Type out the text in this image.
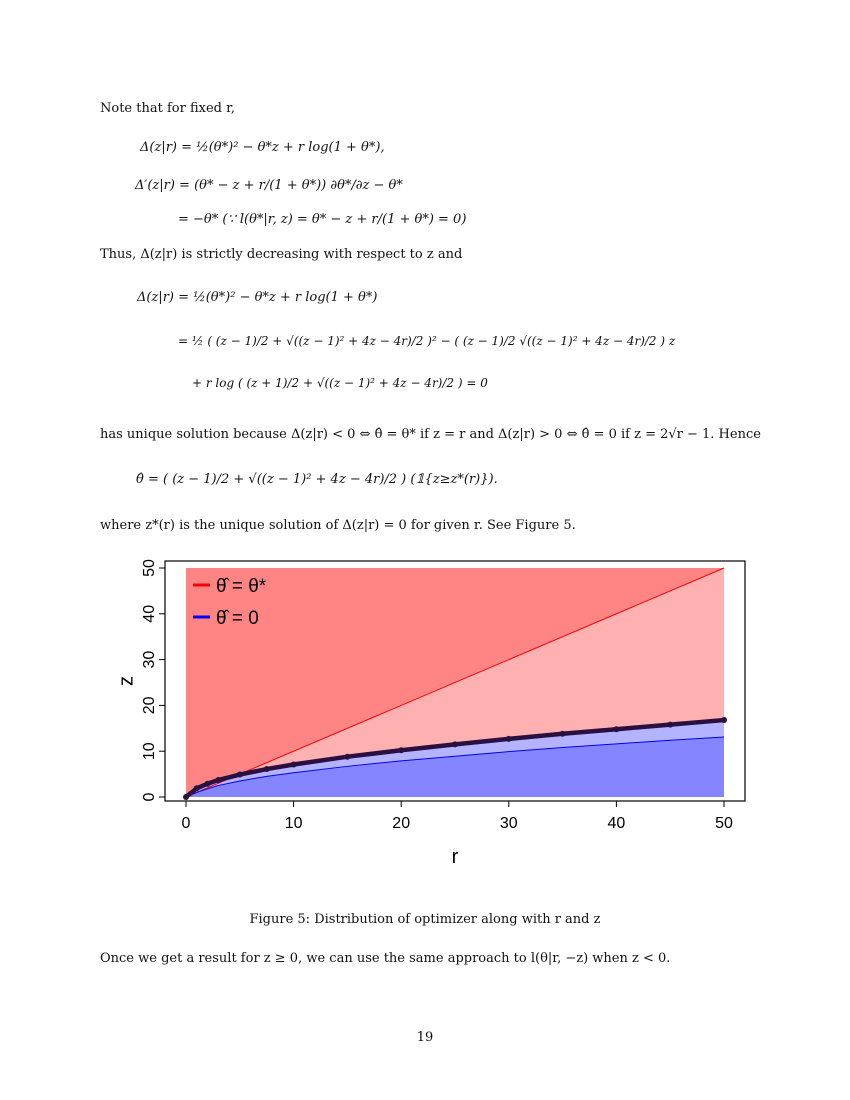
Note that for fixed r,
Δ(z|r) = ½(θ*)² − θ*z + r log(1 + θ*),
Δ′(z|r) = (θ* − z + r/(1 + θ*)) ∂θ*/∂z − θ*
= −θ* (∵ l(θ*|r, z) = θ* − z + r/(1 + θ*) = 0)
Thus, Δ(z|r) is strictly decreasing with respect to z and
Δ(z|r) = ½(θ*)² − θ*z + r log(1 + θ*)
= ½ ( (z − 1)/2 + √((z − 1)² + 4z − 4r)/2 )² − ( (z − 1)/2 √((z − 1)² + 4z − 4r)/2 ) z
+ r log ( (z + 1)/2 + √((z − 1)² + 4z − 4r)/2 ) = 0
has unique solution because Δ(z|r) < 0 ⇔ θ̂ = θ* if z = r and Δ(z|r) > 0 ⇔ θ̂ = 0 if z = 2√r − 1. Hence
θ̂ = ( (z − 1)/2 + √((z − 1)² + 4z − 4r)/2 ) (𝟙{z≥z*(r)}).
where z*(r) is the unique solution of Δ(z|r) = 0 for given r. See Figure 5.
0	10	20	30	40	50
0
10
20
30
40
50
r
z
θ̂ = θ*
θ̂ = 0
Figure 5: Distribution of optimizer along with r and z
Once we get a result for z ≥ 0, we can use the same approach to l(θ|r, −z) when z < 0.
19
